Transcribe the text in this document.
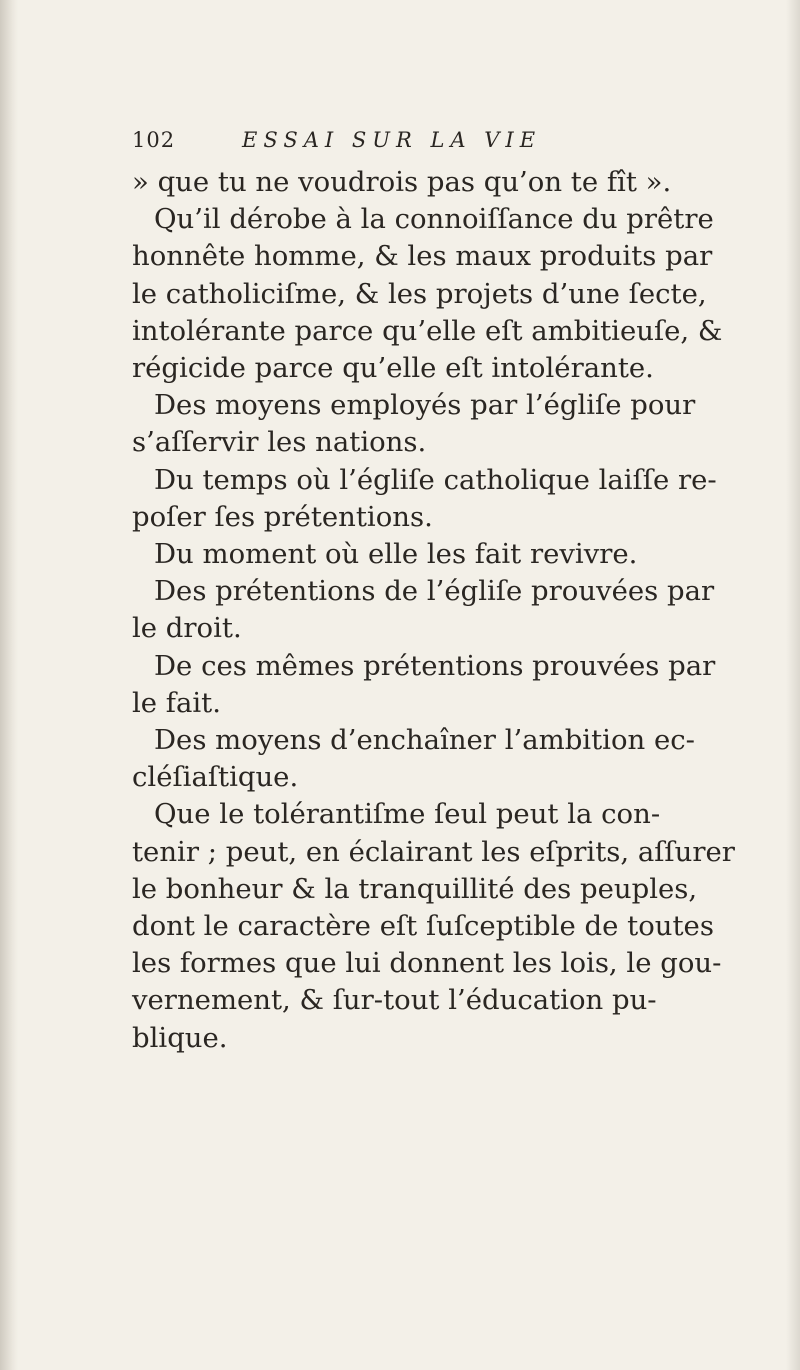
102	ESSAI SUR LA VIE
» que tu ne voudrois pas qu’on te fît ».
Qu’il dérobe à la connoiſſance du prêtre
honnête homme, & les maux produits par
le catholiciſme, & les projets d’une ſecte,
intolérante parce qu’elle eſt ambitieuſe, &
régicide parce qu’elle eſt intolérante.
Des moyens employés par l’égliſe pour
s’aſſervir les nations.
Du temps où l’égliſe catholique laiſſe re-
poſer ſes prétentions.
Du moment où elle les fait revivre.
Des prétentions de l’égliſe prouvées par
le droit.
De ces mêmes prétentions prouvées par
le fait.
Des moyens d’enchaîner l’ambition ec-
cléſiaſtique.
Que le tolérantiſme ſeul peut la con-
tenir ; peut, en éclairant les eſprits, aſſurer
le bonheur & la tranquillité des peuples,
dont le caractère eſt ſuſceptible de toutes
les formes que lui donnent les lois, le gou-
vernement, & ſur-tout l’éducation pu-
blique.
